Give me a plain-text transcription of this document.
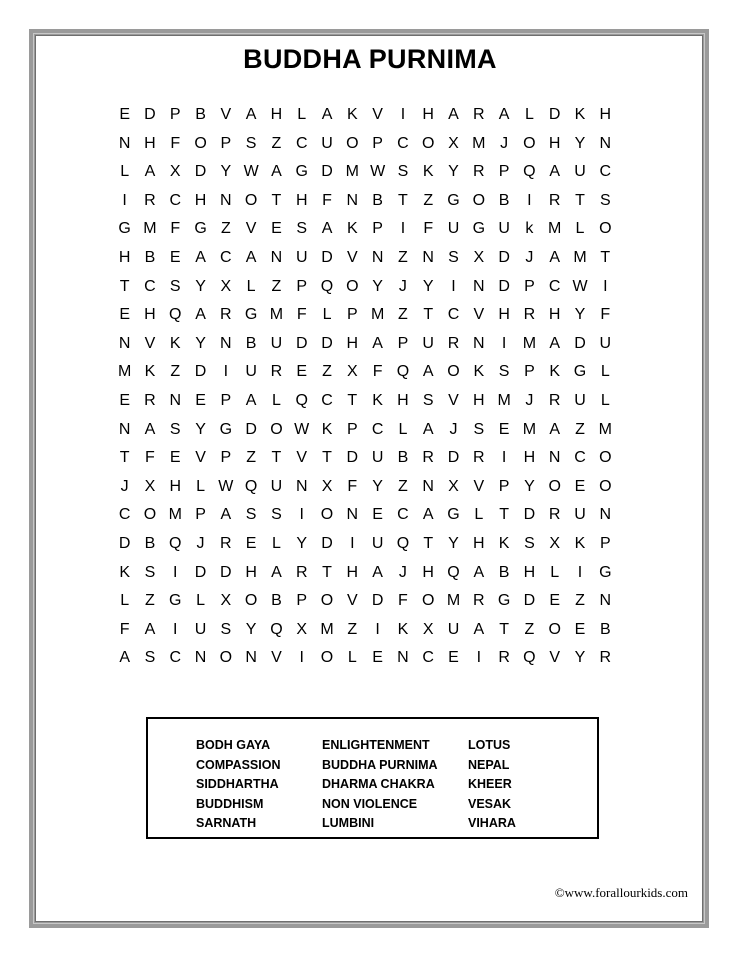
BUDDHA PURNIMA
E D P B V A H L A K V	I	H A R A L D K H
N H F O P S Z C U O P C O X M J O H Y N
L A X D Y W A G D M W S K Y R P Q A U C
I	R C H N O T H F N B T Z G O B	I	R T S
G M F G Z V E S A K P	I	F U G U k M L O
H B E A C A N U D V N Z N S X D J A M T
T C S Y X L Z P Q O Y J Y	I	N D P C W I
E H Q A R G M F L P M Z T C V H R H Y F
N V K Y N B U D D H A P U R N	I	M A D U
M K Z D	I	U R E Z X F Q A O K S P K G L
E R N E P A L Q C T K H S V H M J R U L
N A S Y G D O W K P C L A J S E M A Z M
T F E V P Z T V T D U B R D R	I	H N C O
J X H L W Q U N X F Y Z N X V P Y O E O
C O M P A S S	I	O N E C A G L T D R U N
D B Q J R E L Y D	I	U Q T Y H K S X K P
K S	I	D D H A R T H A J H Q A B H L	I	G
L Z G L X O B P O V D F O M R G D E Z N
F A	I	U S Y Q X M Z	I	K X U A T Z O E B
A S C N O N V	I	O L E N C E	I	R Q V Y R
BODH GAYA
COMPASSION
SIDDHARTHA
BUDDHISM
SARNATH
ENLIGHTENMENT
BUDDHA PURNIMA
DHARMA CHAKRA
NON VIOLENCE
LUMBINI
LOTUS
NEPAL
KHEER
VESAK
VIHARA
©www.forallourkids.com
